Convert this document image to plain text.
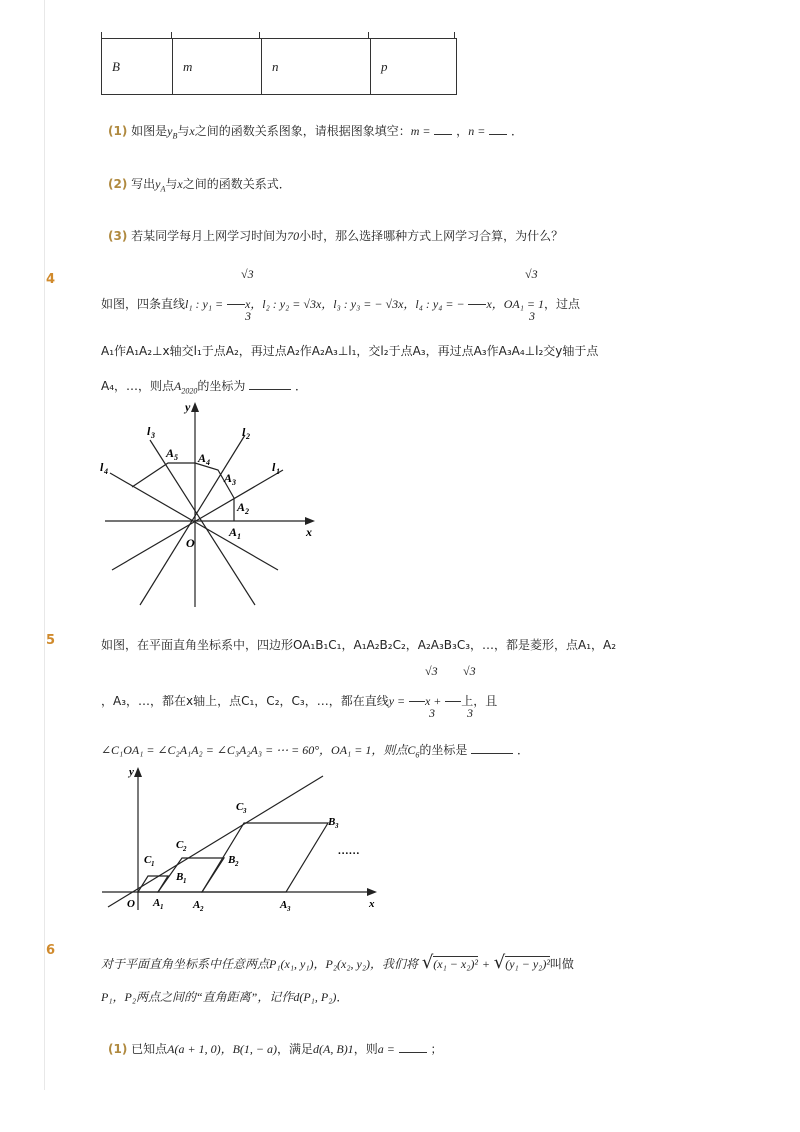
B	m	n	p
(1) 如图是$y_B$与x之间的函数关系图象，请根据图象填空：m = ，n = ．
(2) 写出$y_A$与x之间的函数关系式．
(3) 若某同学每月上网学习时间为70小时，那么选择哪种方式上网学习合算，为什么？
4	√3
3
√3
3
如图，四条直线l₁ : y₁ = x，l₂ : y₂ = √3x，l₃ : y₃ = − √3x，l₄ : y₄ = − x，OA₁ = 1，过点
A₁作A₁A₂⊥x轴交l₁于点A₂，再过点A₂作A₂A₃⊥l₁，交l₂于点A₃，再过点A₃作A₃A₄⊥l₂交y轴于点
A₄，…，则点$A_{2020}$的坐标为	．
y
x
O
l 1
l 2
l 3
l 4
A 1
A 2
A 3
A 4
A 5
5	如图，在平面直角坐标系中，四边形OA₁B₁C₁，A₁A₂B₂C₂，A₂A₃B₃C₃，…，都是菱形，点A₁，A₂
√3
3
√3
3
，A₃，…，都在x轴上，点C₁，C₂，C₃，…，都在直线y = x + 上，且
∠C₁OA₁ = ∠C₂A₁A₂ = ∠C₃A₂A₃ = ⋯ = 60°，OA₁ = 1，则点$C_6$的坐标是	．
y
x
O
……
A 1	A 2	A 3
B 1
B 2
B 3
C 1
C 2
C 3
6
对于平面直角坐标系中任意两点P₁(x₁, y₁)，P₂(x₂, y₂)，我们将 √(x₁ − x₂)² + √(y₁ − y₂)²叫做
P₁，P₂两点之间的“直角距离”，记作d(P₁, P₂)．
(1) 已知点A(a + 1, 0)，B(1, − a)，满足d(A, B)1，则a =	；
